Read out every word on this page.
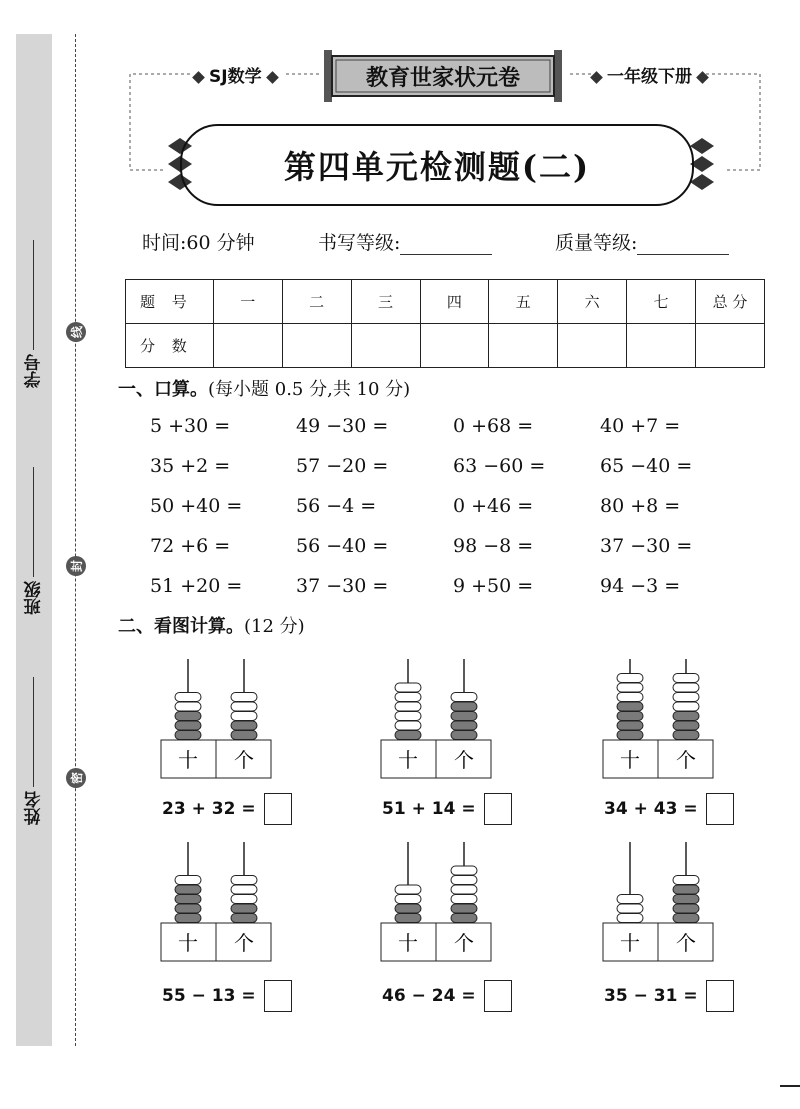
学号
班级
姓名
线
封
密
SJ数学	一年级下册
教育世家状元卷
第四单元检测题(二)
时间:60 分钟	书写等级:	质量等级:
题 号	一	二	三	四	五	六	七	总 分
分 数								
一、口算。(每小题 0.5 分,共 10 分)
5 +30 =	49 −30 =	0 +68 =	40 +7 =
35 +2 =	57 −20 =	63 −60 =	65 −40 =
50 +40 =	56 −4 =	0 +46 =	80 +8 =
72 +6 =	56 −40 =	98 −8 =	37 −30 =
51 +20 =	37 −30 =	9 +50 =	94 −3 =
二、看图计算。(12 分)
十 个
23 + 32 =
十 个
51 + 14 =
十 个
34 + 43 =
十 个
55 − 13 =
十 个
46 − 24 =
十 个
35 − 31 =
